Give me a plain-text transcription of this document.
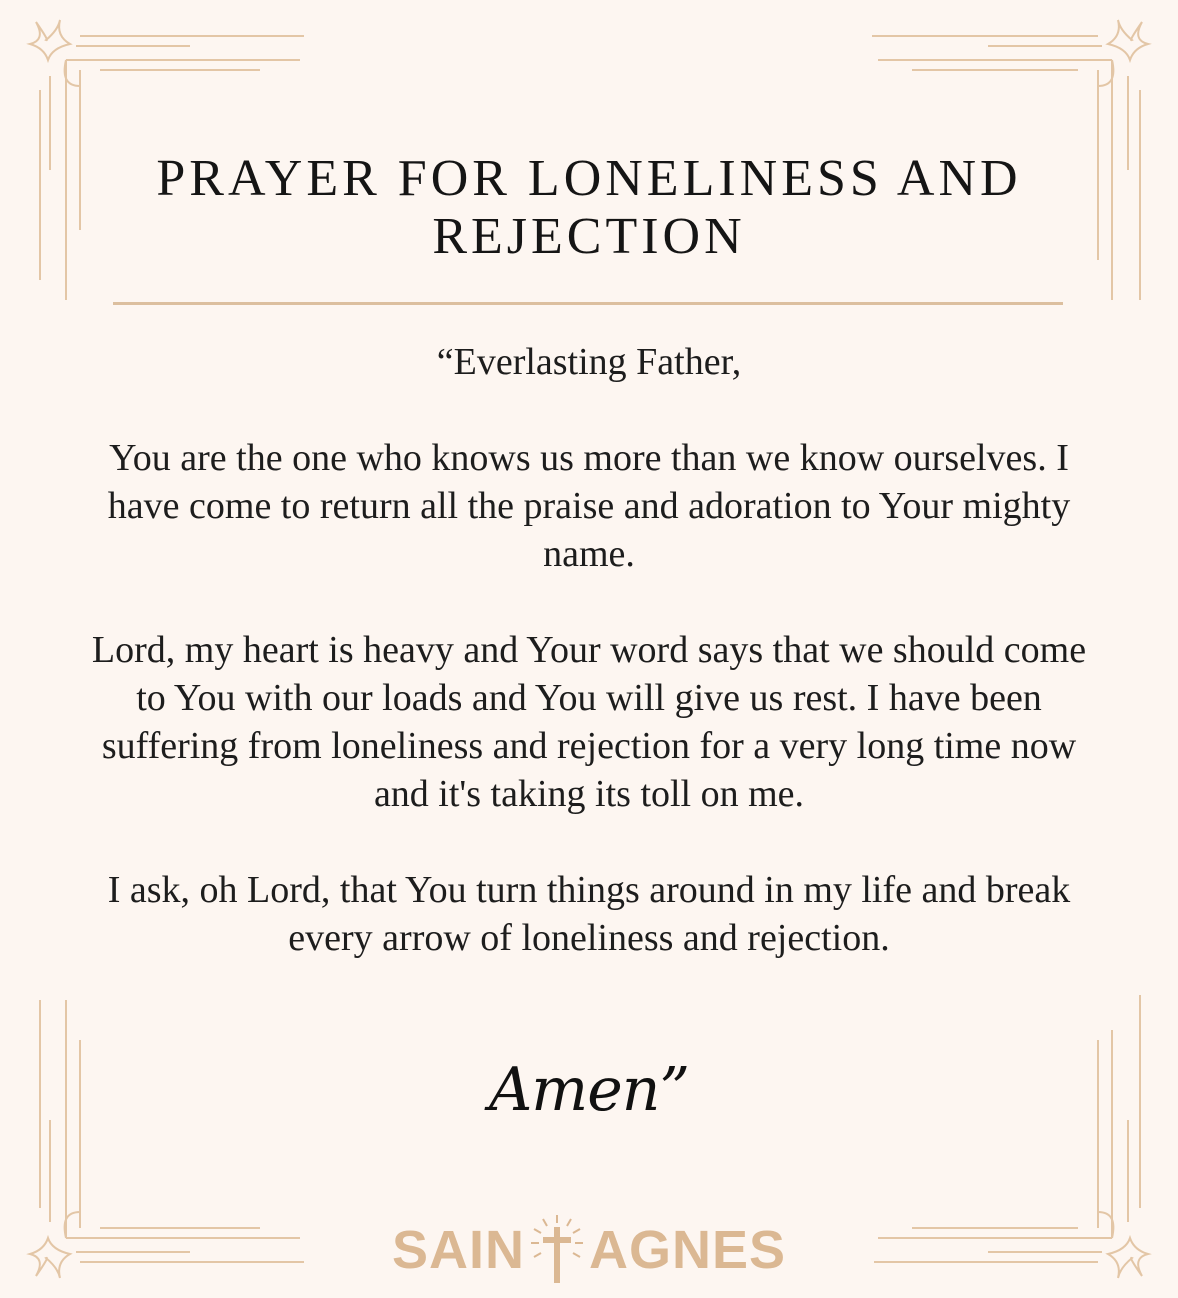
PRAYER FOR LONELINESS AND REJECTION

“Everlasting Father,

You are the one who knows us more than we know ourselves. I have come to return all the praise and adoration to Your mighty name.

Lord, my heart is heavy and Your word says that we should come to You with our loads and You will give us rest. I have been suffering from loneliness and rejection for a very long time now and it's taking its toll on me.

I ask, oh Lord, that You turn things around in my life and break every arrow of loneliness and rejection.

Amen”
SAIN AGNES
